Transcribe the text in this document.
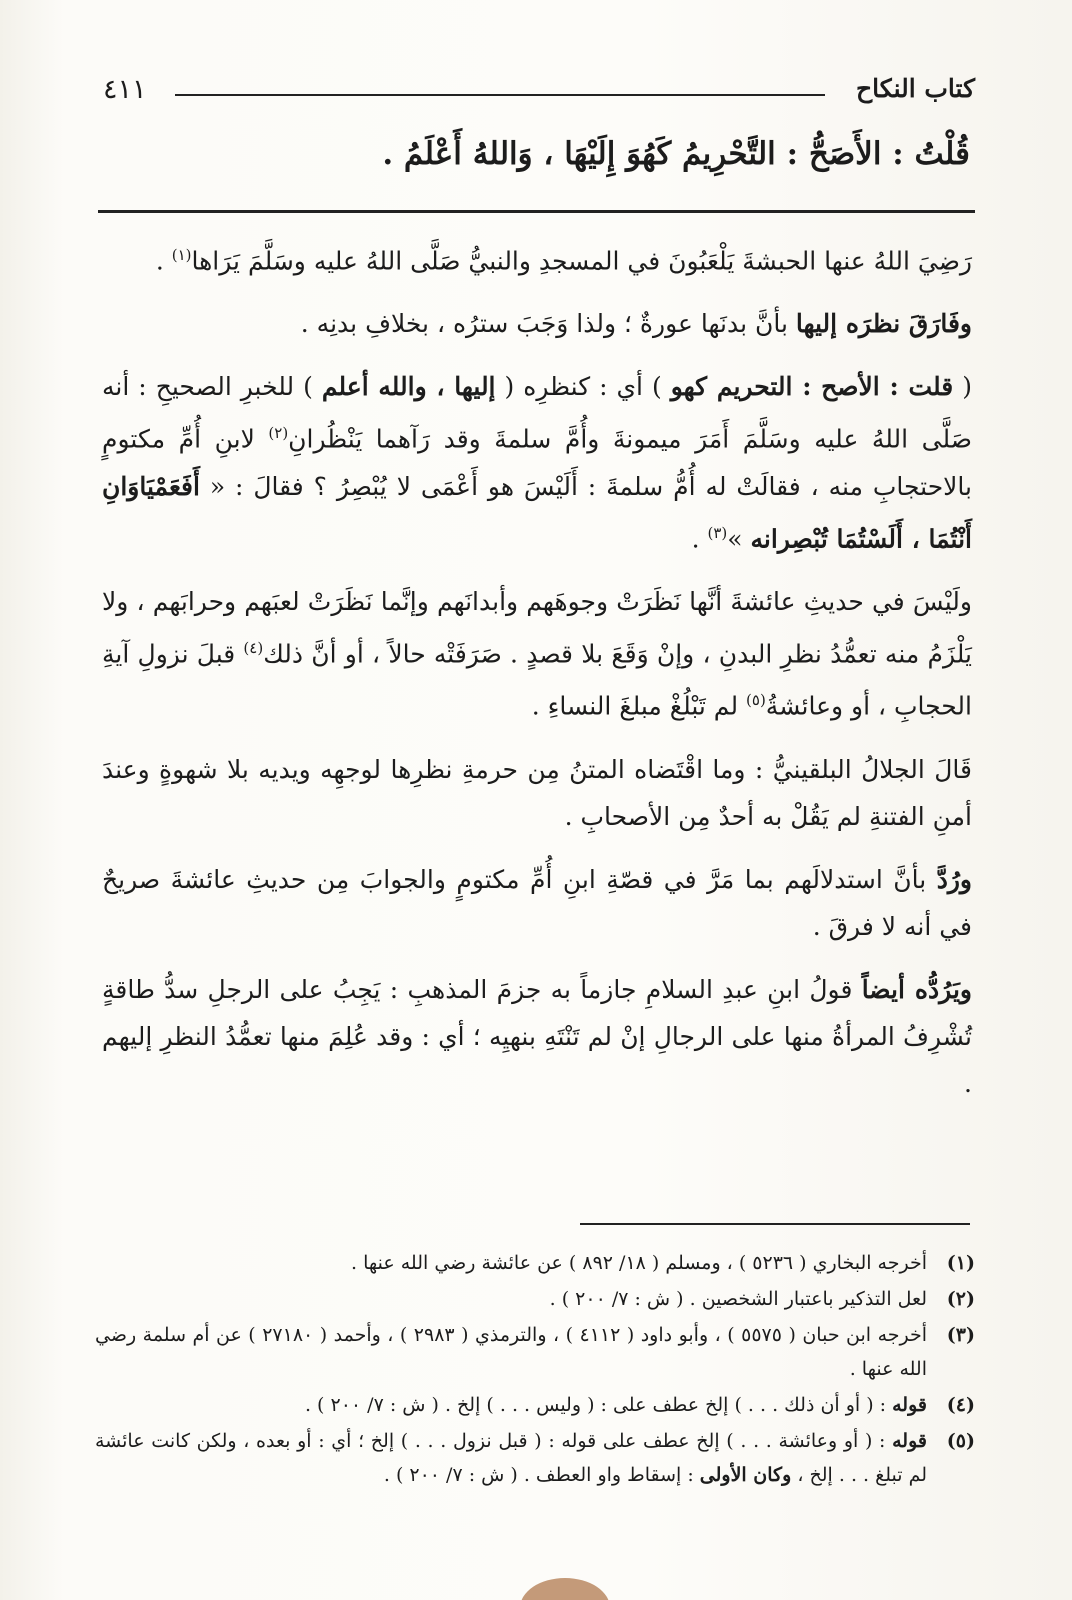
٤١١	كتاب النكاح
قُلْتُ : الأَصَحُّ : التَّحْرِيمُ كَهُوَ إِلَيْهَا ، وَاللهُ أَعْلَمُ .

رَضِيَ اللهُ عنها الحبشةَ يَلْعَبُونَ في المسجدِ والنبيُّ صَلَّى اللهُ عليه وسَلَّمَ يَرَاها$^{(١)}$ .

وفَارَقَ نظرَه إليها بأنَّ بدنَها عورةٌ ؛ ولذا وَجَبَ سترُه ، بخلافِ بدنِه .

( قلت : الأصح : التحريم كهو ) أي : كنظرِه ( إليها ، والله أعلم ) للخبرِ الصحيحِ : أنه صَلَّى اللهُ عليه وسَلَّمَ أَمَرَ ميمونةَ وأُمَّ سلمةَ وقد رَآهما يَنْظُرانِ$^{(٢)}$ لابنِ أُمِّ مكتومٍ بالاحتجابِ منه ، فقالَتْ له أُمُّ سلمةَ : أَلَيْسَ هو أَعْمَى لا يُبْصِرُ ؟ فقالَ : « أَفَعَمْيَاوَانِ أَنْتُمَا ، أَلَسْتُمَا تُبْصِرانه »$^{(٣)}$ .

ولَيْسَ في حديثِ عائشةَ أنَّها نَظَرَتْ وجوهَهم وأبدانَهم وإنَّما نَظَرَتْ لعبَهم وحرابَهم ، ولا يَلْزَمُ منه تعمُّدُ نظرِ البدنِ ، وإنْ وَقَعَ بلا قصدٍ . صَرَفَتْه حالاً ، أو أنَّ ذلك$^{(٤)}$ قبلَ نزولِ آيةِ الحجابِ ، أو وعائشةُ$^{(٥)}$ لم تَبْلُغْ مبلغَ النساءِ .

قَالَ الجلالُ البلقينيُّ : وما اقْتَضاه المتنُ مِن حرمةِ نظرِها لوجهِه ويديه بلا شهوةٍ وعندَ أمنِ الفتنةِ لم يَقُلْ به أحدٌ مِن الأصحابِ .

ورُدَّ بأنَّ استدلالَهم بما مَرَّ في قصّةِ ابنِ أُمِّ مكتومٍ والجوابَ مِن حديثِ عائشةَ صريحٌ في أنه لا فرقَ .

ويَرُدُّه أيضاً قولُ ابنِ عبدِ السلامِ جازماً به جزمَ المذهبِ : يَجِبُ على الرجلِ سدُّ طاقةٍ تُشْرِفُ المرأةُ منها على الرجالِ إنْ لم تَنْتَهِ بنهيِه ؛ أي : وقد عُلِمَ منها تعمُّدُ النظرِ إليهم .

(١)
أخرجه البخاري ( ٥٢٣٦ ) ، ومسلم ( ١٨/ ٨٩٢ ) عن عائشة رضي الله عنها .
(٢)
لعل التذكير باعتبار الشخصين . ( ش : ٧/ ٢٠٠ ) .
(٣)
أخرجه ابن حبان ( ٥٥٧٥ ) ، وأبو داود ( ٤١١٢ ) ، والترمذي ( ٢٩٨٣ ) ، وأحمد ( ٢٧١٨٠ ) عن أم سلمة رضي الله عنها .
(٤)
قوله : ( أو أن ذلك . . . ) إلخ عطف على : ( وليس . . . ) إلخ . ( ش : ٧/ ٢٠٠ ) .
(٥)
قوله : ( أو وعائشة . . . ) إلخ عطف على قوله : ( قبل نزول . . . ) إلخ ؛ أي : أو بعده ، ولكن كانت عائشة لم تبلغ . . . إلخ ، وكان الأولى : إسقاط واو العطف . ( ش : ٧/ ٢٠٠ ) .
